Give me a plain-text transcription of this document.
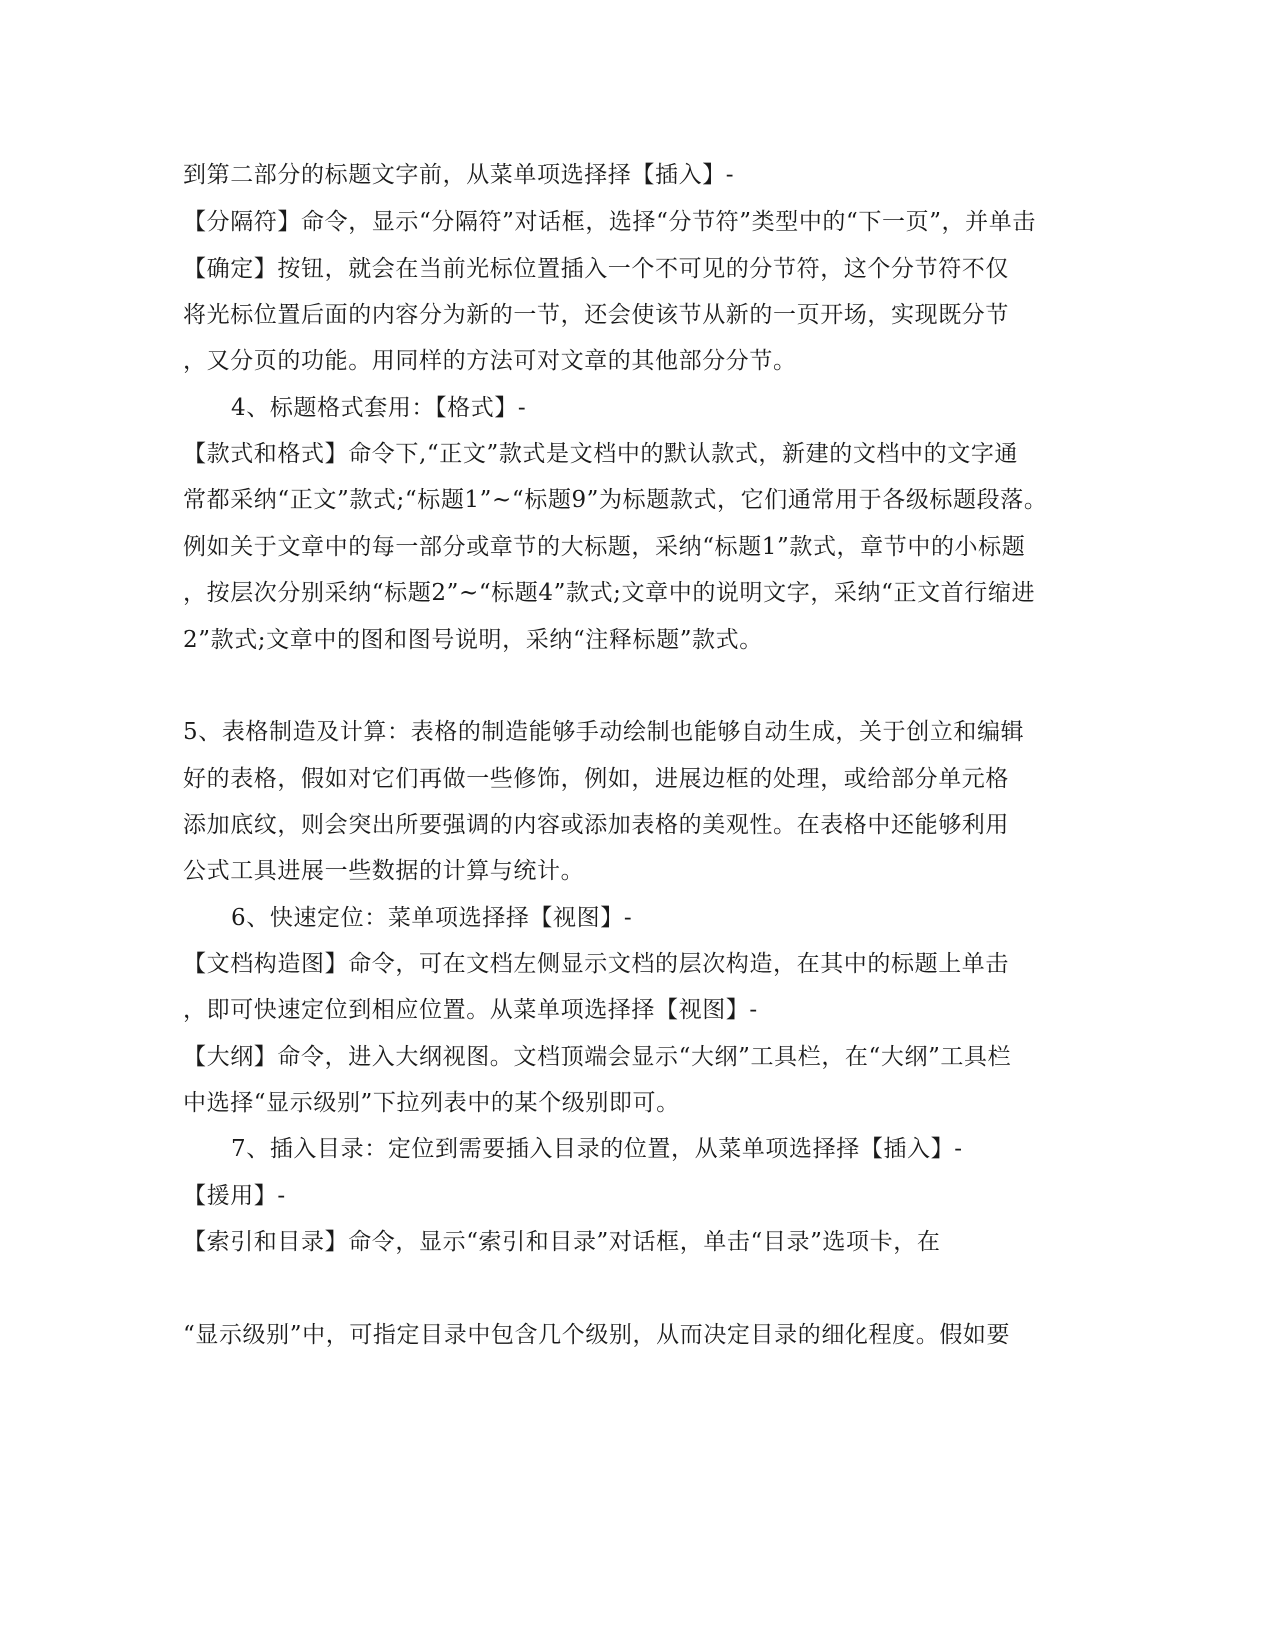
到第二部分的标题文字前，从菜单项选择择【插入】-

【分隔符】命令，显示“分隔符”对话框，选择“分节符”类型中的“下一页”，并单击

【确定】按钮，就会在当前光标位置插入一个不可见的分节符，这个分节符不仅

将光标位置后面的内容分为新的一节，还会使该节从新的一页开场，实现既分节

，又分页的功能。用同样的方法可对文章的其他部分分节。

4、标题格式套用：【格式】-

【款式和格式】命令下,“正文”款式是文档中的默认款式，新建的文档中的文字通

常都采纳“正文”款式;“标题1”~“标题9”为标题款式，它们通常用于各级标题段落。

例如关于文章中的每一部分或章节的大标题，采纳“标题1”款式，章节中的小标题

，按层次分别采纳“标题2”~“标题4”款式;文章中的说明文字，采纳“正文首行缩进

2”款式;文章中的图和图号说明，采纳“注释标题”款式。

5、表格制造及计算：表格的制造能够手动绘制也能够自动生成，关于创立和编辑

好的表格，假如对它们再做一些修饰，例如，进展边框的处理，或给部分单元格

添加底纹，则会突出所要强调的内容或添加表格的美观性。在表格中还能够利用

公式工具进展一些数据的计算与统计。

6、快速定位：菜单项选择择【视图】-

【文档构造图】命令，可在文档左侧显示文档的层次构造，在其中的标题上单击

，即可快速定位到相应位置。从菜单项选择择【视图】-

【大纲】命令，进入大纲视图。文档顶端会显示“大纲”工具栏，在“大纲”工具栏

中选择“显示级别”下拉列表中的某个级别即可。

7、插入目录：定位到需要插入目录的位置，从菜单项选择择【插入】-

【援用】-

【索引和目录】命令，显示“索引和目录”对话框，单击“目录”选项卡，在

“显示级别”中，可指定目录中包含几个级别，从而决定目录的细化程度。假如要
